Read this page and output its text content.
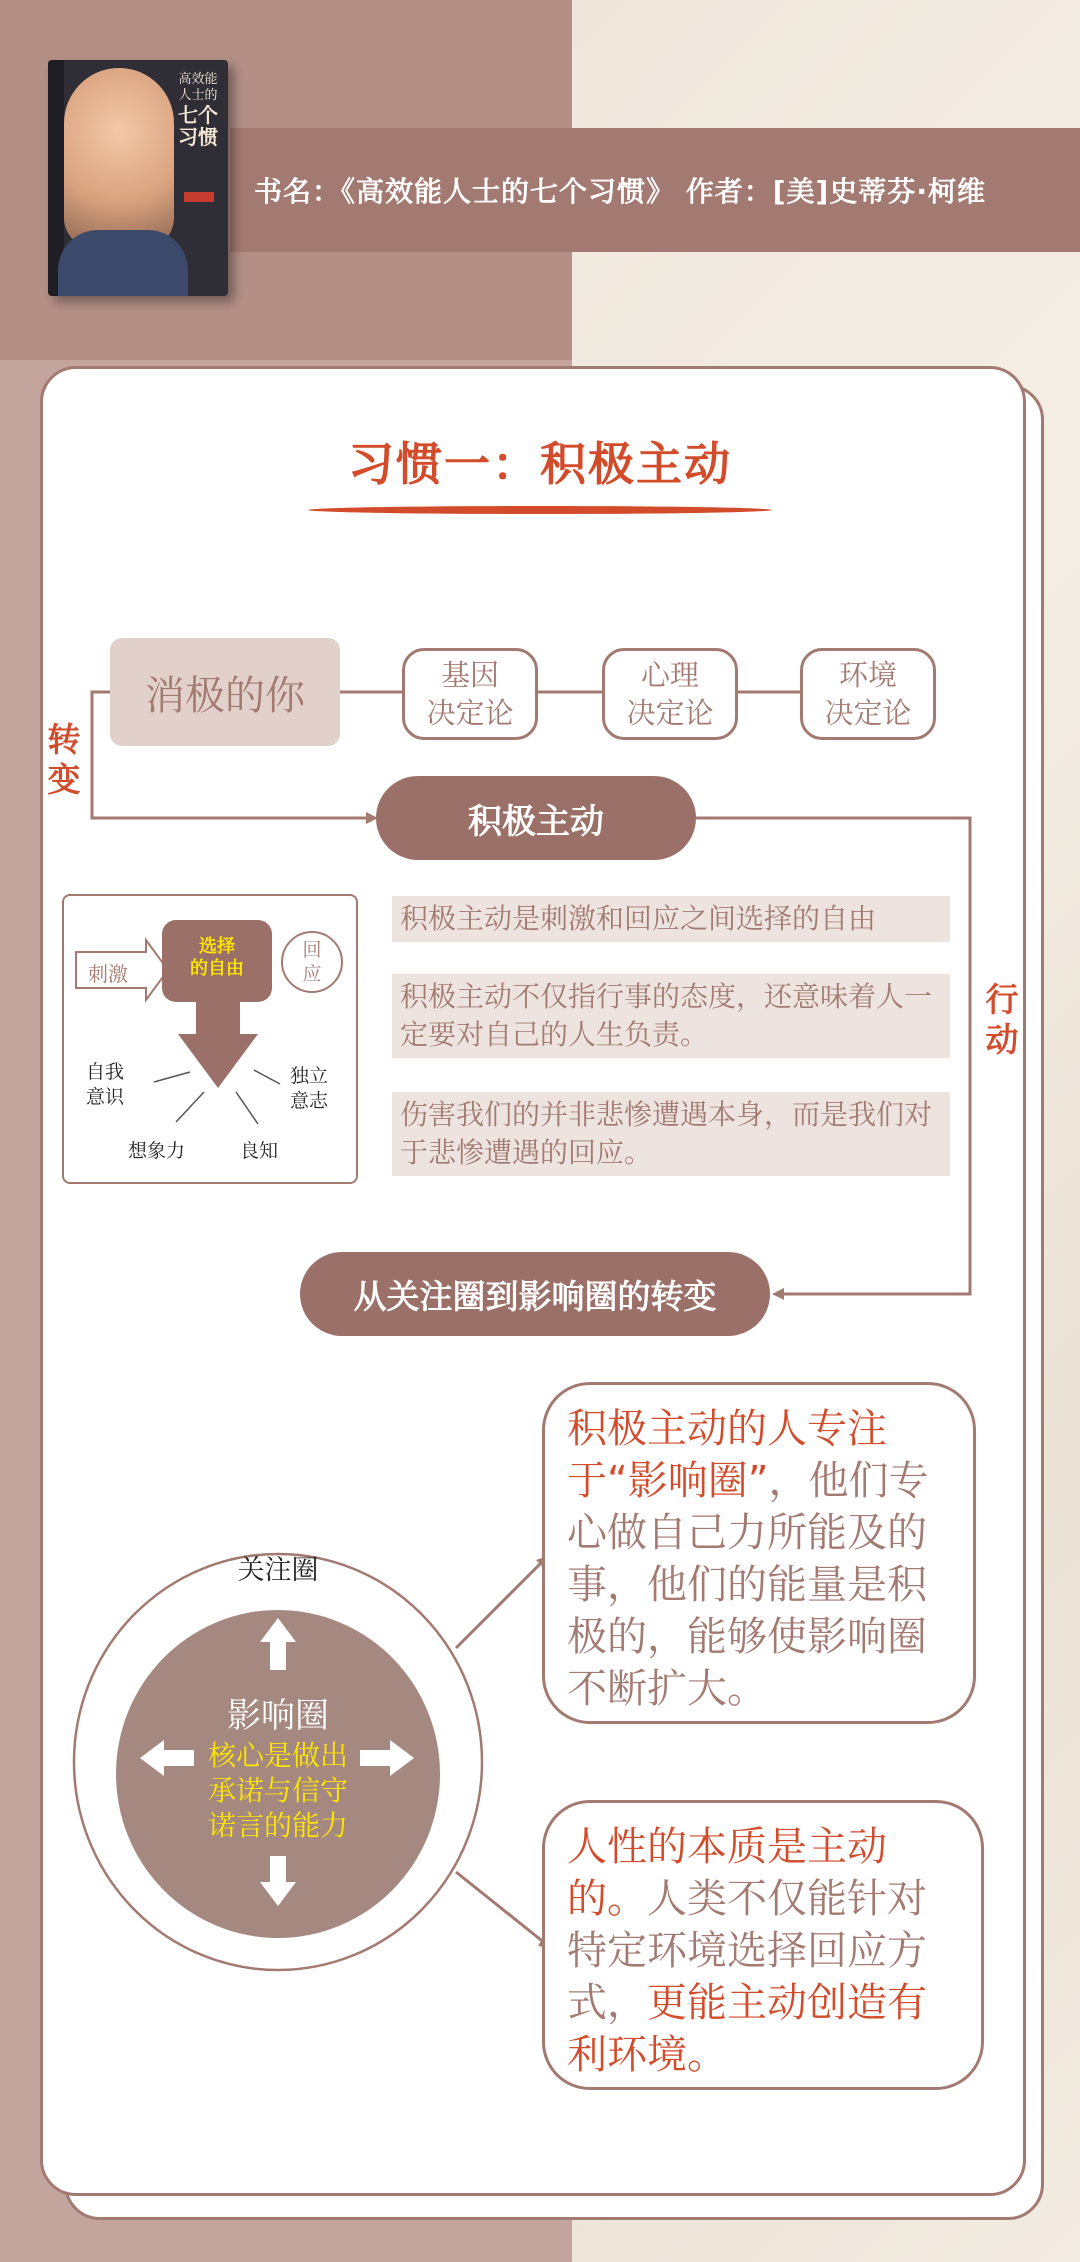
书名：《高效能人士的七个习惯》 作者：[美]史蒂芬·柯维
高效能人士的
七个习惯
习惯一：积极主动
消极的你	基因
决定论
心理
决定论
环境
决定论
转变
行动
积极主动
刺激
选择
的自由
回
应
自我
意识
想象力	良知
独立
意志
积极主动是刺激和回应之间选择的自由
积极主动不仅指行事的态度，还意味着人一定要对自己的人生负责。
伤害我们的并非悲惨遭遇本身，而是我们对于悲惨遭遇的回应。
从关注圈到影响圈的转变
关注圈
影响圈
核心是做出
承诺与信守
诺言的能力
积极主动的人专注于“影响圈”，他们专心做自己力所能及的事，他们的能量是积极的，能够使影响圈不断扩大。
人性的本质是主动的。人类不仅能针对特定环境选择回应方式，更能主动创造有利环境。
